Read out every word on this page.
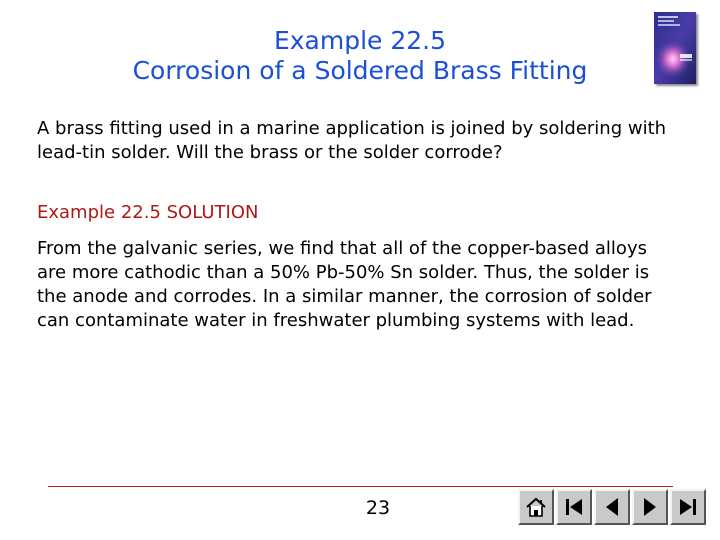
Example 22.5
Corrosion of a Soldered Brass Fitting
A brass fitting used in a marine application is joined by soldering with lead-tin solder. Will the brass or the solder corrode?
Example 22.5 SOLUTION
From the galvanic series, we find that all of the copper-based alloys are more cathodic than a 50% Pb-50% Sn solder. Thus, the solder is the anode and corrodes. In a similar manner, the corrosion of solder can contaminate water in freshwater plumbing systems with lead.
23
